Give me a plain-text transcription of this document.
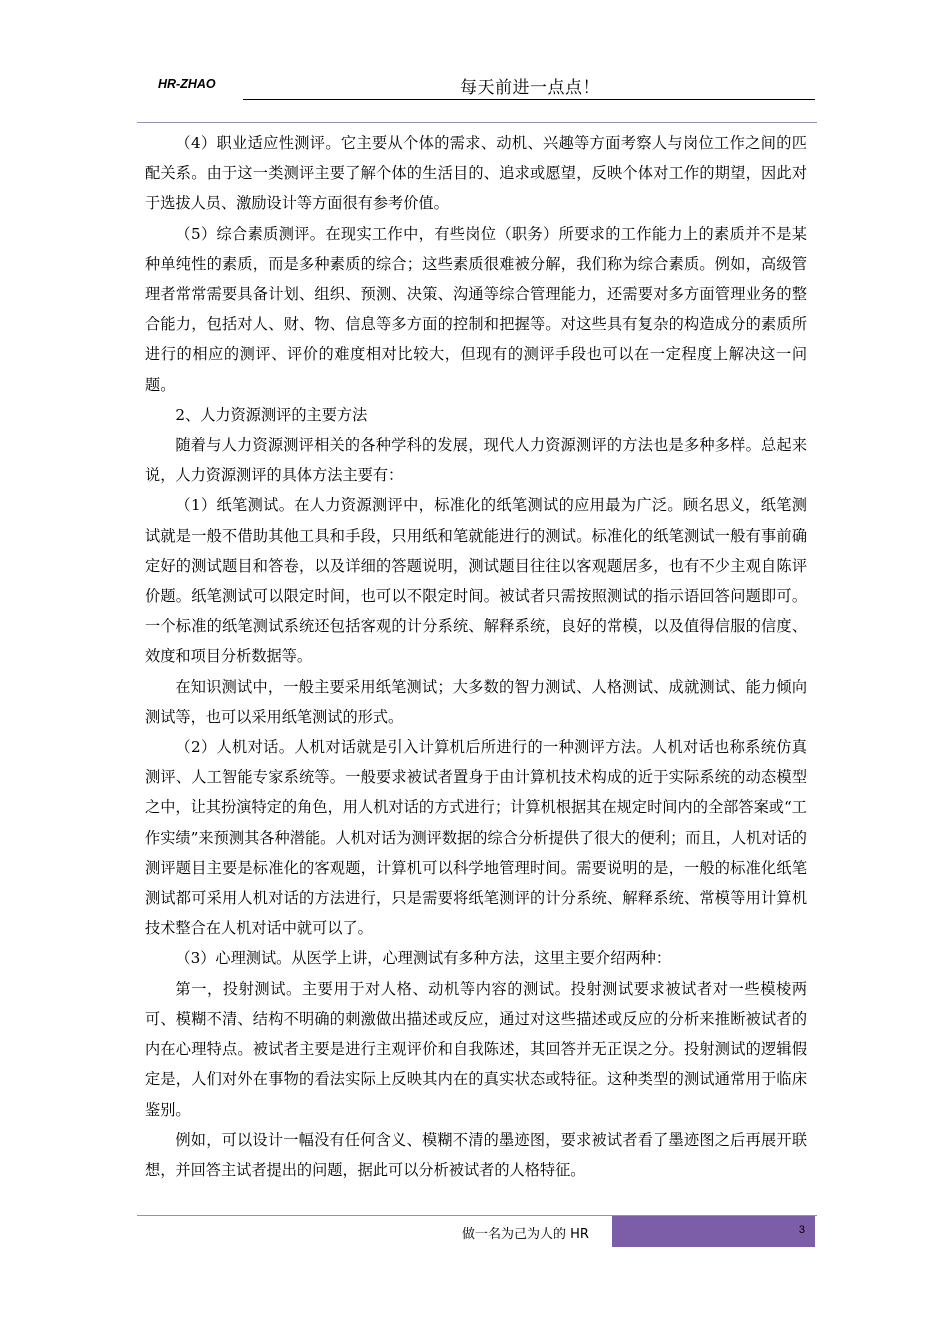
HR-ZHAO	每天前进一点点！

（4）职业适应性测评。它主要从个体的需求、动机、兴趣等方面考察人与岗位工作之间的匹配关系。由于这一类测评主要了解个体的生活目的、追求或愿望，反映个体对工作的期望，因此对于选拔人员、激励设计等方面很有参考价值。

（5）综合素质测评。在现实工作中，有些岗位（职务）所要求的工作能力上的素质并不是某种单纯性的素质，而是多种素质的综合；这些素质很难被分解，我们称为综合素质。例如，高级管理者常常需要具备计划、组织、预测、决策、沟通等综合管理能力，还需要对多方面管理业务的整合能力，包括对人、财、物、信息等多方面的控制和把握等。对这些具有复杂的构造成分的素质所进行的相应的测评、评价的难度相对比较大，但现有的测评手段也可以在一定程度上解决这一问题。

2、人力资源测评的主要方法

随着与人力资源测评相关的各种学科的发展，现代人力资源测评的方法也是多种多样。总起来说，人力资源测评的具体方法主要有：

（1）纸笔测试。在人力资源测评中，标准化的纸笔测试的应用最为广泛。顾名思义，纸笔测试就是一般不借助其他工具和手段，只用纸和笔就能进行的测试。标准化的纸笔测试一般有事前确定好的测试题目和答卷，以及详细的答题说明，测试题目往往以客观题居多，也有不少主观自陈评价题。纸笔测试可以限定时间，也可以不限定时间。被试者只需按照测试的指示语回答问题即可。一个标准的纸笔测试系统还包括客观的计分系统、解释系统，良好的常模，以及值得信服的信度、效度和项目分析数据等。

在知识测试中，一般主要采用纸笔测试；大多数的智力测试、人格测试、成就测试、能力倾向测试等，也可以采用纸笔测试的形式。

（2）人机对话。人机对话就是引入计算机后所进行的一种测评方法。人机对话也称系统仿真测评、人工智能专家系统等。一般要求被试者置身于由计算机技术构成的近于实际系统的动态模型之中，让其扮演特定的角色，用人机对话的方式进行；计算机根据其在规定时间内的全部答案或“工作实绩”来预测其各种潜能。人机对话为测评数据的综合分析提供了很大的便利；而且，人机对话的测评题目主要是标准化的客观题，计算机可以科学地管理时间。需要说明的是，一般的标准化纸笔测试都可采用人机对话的方法进行，只是需要将纸笔测评的计分系统、解释系统、常模等用计算机技术整合在人机对话中就可以了。

（3）心理测试。从医学上讲，心理测试有多种方法，这里主要介绍两种：

第一，投射测试。主要用于对人格、动机等内容的测试。投射测试要求被试者对一些模棱两可、模糊不清、结构不明确的刺激做出描述或反应，通过对这些描述或反应的分析来推断被试者的内在心理特点。被试者主要是进行主观评价和自我陈述，其回答并无正误之分。投射测试的逻辑假定是，人们对外在事物的看法实际上反映其内在的真实状态或特征。这种类型的测试通常用于临床鉴别。

例如，可以设计一幅没有任何含义、模糊不清的墨迹图，要求被试者看了墨迹图之后再展开联想，并回答主试者提出的问题，据此可以分析被试者的人格特征。

做一名为己为人的 HR	3
